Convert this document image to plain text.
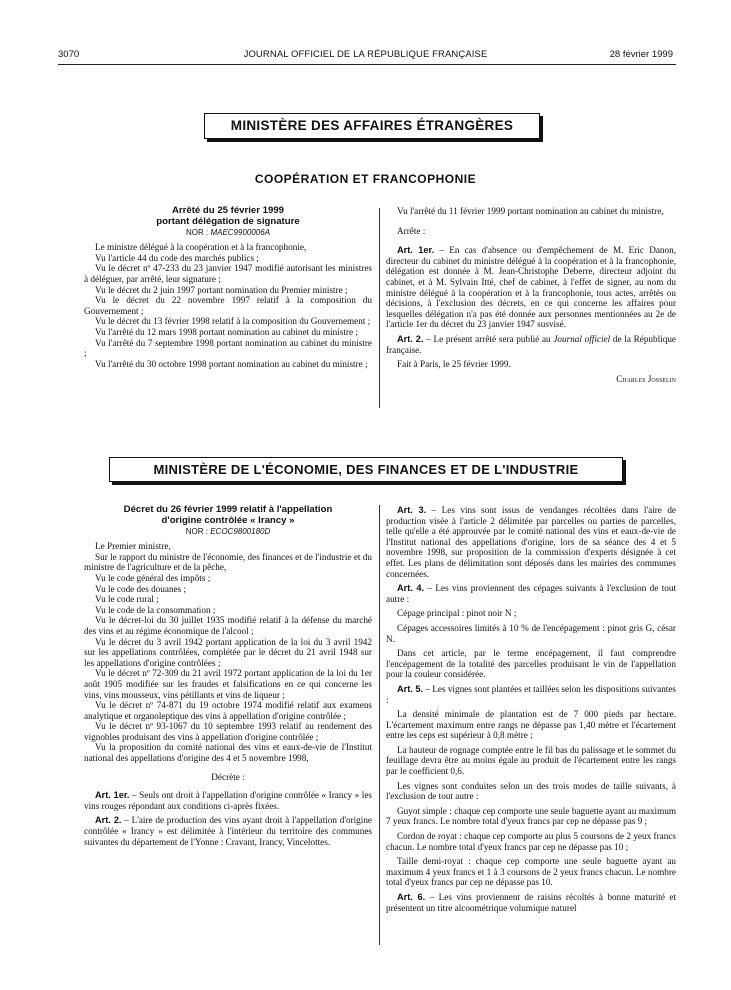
3070	JOURNAL OFFICIEL DE LA RÉPUBLIQUE FRANÇAISE	28 février 1999
MINISTÈRE DES AFFAIRES ÉTRANGÈRES
COOPÉRATION ET FRANCOPHONIE

Arrêté du 25 février 1999

portant délégation de signature

NOR : MAEC9900006A

Le ministre délégué à la coopération et à la francophonie,

Vu l'article 44 du code des marchés publics ;

Vu le décret nº 47-233 du 23 janvier 1947 modifié autorisant les ministres à déléguer, par arrêté, leur signature ;

Vu le décret du 2 juin 1997 portant nomination du Premier ministre ;

Vu le décret du 22 novembre 1997 relatif à la composition du Gouvernement ;

Vu le décret du 13 février 1998 relatif à la composition du Gouvernement ;

Vu l'arrêté du 12 mars 1998 portant nomination au cabinet du ministre ;

Vu l'arrêté du 7 septembre 1998 portant nomination au cabinet du ministre ;

Vu l'arrêté du 30 octobre 1998 portant nomination au cabinet du ministre ;

Vu l'arrêté du 11 février 1999 portant nomination au cabinet du ministre,

Arrête :

Art. 1er. – En cas d'absence ou d'empêchement de M. Eric Danon, directeur du cabinet du ministre délégué à la coopération et à la francophonie, délégation est donnée à M. Jean-Christophe Deberre, directeur adjoint du cabinet, et à M. Sylvain Itté, chef de cabinet, à l'effet de signer, au nom du ministre délégué à la coopération et à la francophonie, tous actes, arrêtés ou décisions, à l'exclusion des décrets, en ce qui concerne les affaires pour lesquelles délégation n'a pas été donnée aux personnes mentionnées au 2e de l'article 1er du décret du 23 janvier 1947 susvisé.

Art. 2. – Le présent arrêté sera publié au Journal officiel de la République française.

Fait à Paris, le 25 février 1999.

Charles Josselin

MINISTÈRE DE L'ÉCONOMIE, DES FINANCES ET DE L'INDUSTRIE

Décret du 26 février 1999 relatif à l'appellation

d'origine contrôlée « Irancy »

NOR : ECOC9800180D

Le Premier ministre,

Sur le rapport du ministre de l'économie, des finances et de l'industrie et du ministre de l'agriculture et de la pêche,

Vu le code général des impôts ;

Vu le code des douanes ;

Vu le code rural ;

Vu le code de la consommation ;

Vu le décret-loi du 30 juillet 1935 modifié relatif à la défense du marché des vins et au régime économique de l'alcool ;

Vu le décret du 3 avril 1942 portant application de la loi du 3 avril 1942 sur les appellations contrôlées, complétée par le décret du 21 avril 1948 sur les appellations d'origine contrôlées ;

Vu le décret nº 72-309 du 21 avril 1972 portant application de la loi du 1er août 1905 modifiée sur les fraudes et falsifications en ce qui concerne les vins, vins mousseux, vins pétillants et vins de liqueur ;

Vu le décret nº 74-871 du 19 octobre 1974 modifié relatif aux examens analytique et organoleptique des vins à appellation d'origine contrôlée ;

Vu le décret nº 93-1067 du 10 septembre 1993 relatif au rendement des vignobles produisant des vins à appellation d'origine contrôlée ;

Vu la proposition du comité national des vins et eaux-de-vie de l'Institut national des appellations d'origine des 4 et 5 novembre 1998,

Décrète :

Art. 1er. – Seuls ont droit à l'appellation d'origine contrôlée « Irancy » les vins rouges répondant aux conditions ci-après fixées.

Art. 2. – L'aire de production des vins ayant droit à l'appellation d'origine contrôlée « Irancy » est délimitée à l'intérieur du territoire des communes suivantes du département de l'Yonne : Cravant, Irancy, Vincelottes.

Art. 3. – Les vins sont issus de vendanges récoltées dans l'aire de production visée à l'article 2 délimitée par parcelles ou parties de parcelles, telle qu'elle a été approuvée par le comité national des vins et eaux-de-vie de l'Institut national des appellations d'origine, lors de sa séance des 4 et 5 novembre 1998, sur proposition de la commission d'experts désignée à cet effet. Les plans de délimitation sont déposés dans les mairies des communes concernées.

Art. 4. – Les vins proviennent des cépages suivants à l'exclusion de tout autre :

Cépage principal : pinot noir N ;

Cépages accessoires limités à 10 % de l'encépagement : pinot gris G, césar N.

Dans cet article, par le terme encépagement, il faut comprendre l'encépagement de la totalité des parcelles produisant le vin de l'appellation pour la couleur considérée.

Art. 5. – Les vignes sont plantées et taillées selon les dispositions suivantes :

La densité minimale de plantation est de 7 000 pieds par hectare. L'écartement maximum entre rangs ne dépasse pas 1,40 mètre et l'écartement entre les ceps est supérieur à 0,8 mètre ;

La hauteur de rognage comptée entre le fil bas du palissage et le sommet du feuillage devra être au moins égale au produit de l'écartement entre les rangs par le coefficient 0,6.

Les vignes sont conduites selon un des trois modes de taille suivants, à l'exclusion de tout autre :

Guyot simple : chaque cep comporte une seule baguette ayant au maximum 7 yeux francs. Le nombre total d'yeux francs par cep ne dépasse pas 9 ;

Cordon de royat : chaque cep comporte au plus 5 coursons de 2 yeux francs chacun. Le nombre total d'yeux francs par cep ne dépasse pas 10 ;

Taille demi-royat : chaque cep comporte une seule baguette ayant au maximum 4 yeux francs et 1 à 3 coursons de 2 yeux francs chacun. Le nombre total d'yeux francs par cep ne dépasse pas 10.

Art. 6. – Les vins proviennent de raisins récoltés à bonne maturité et présentent un titre alcoométrique volumique naturel
